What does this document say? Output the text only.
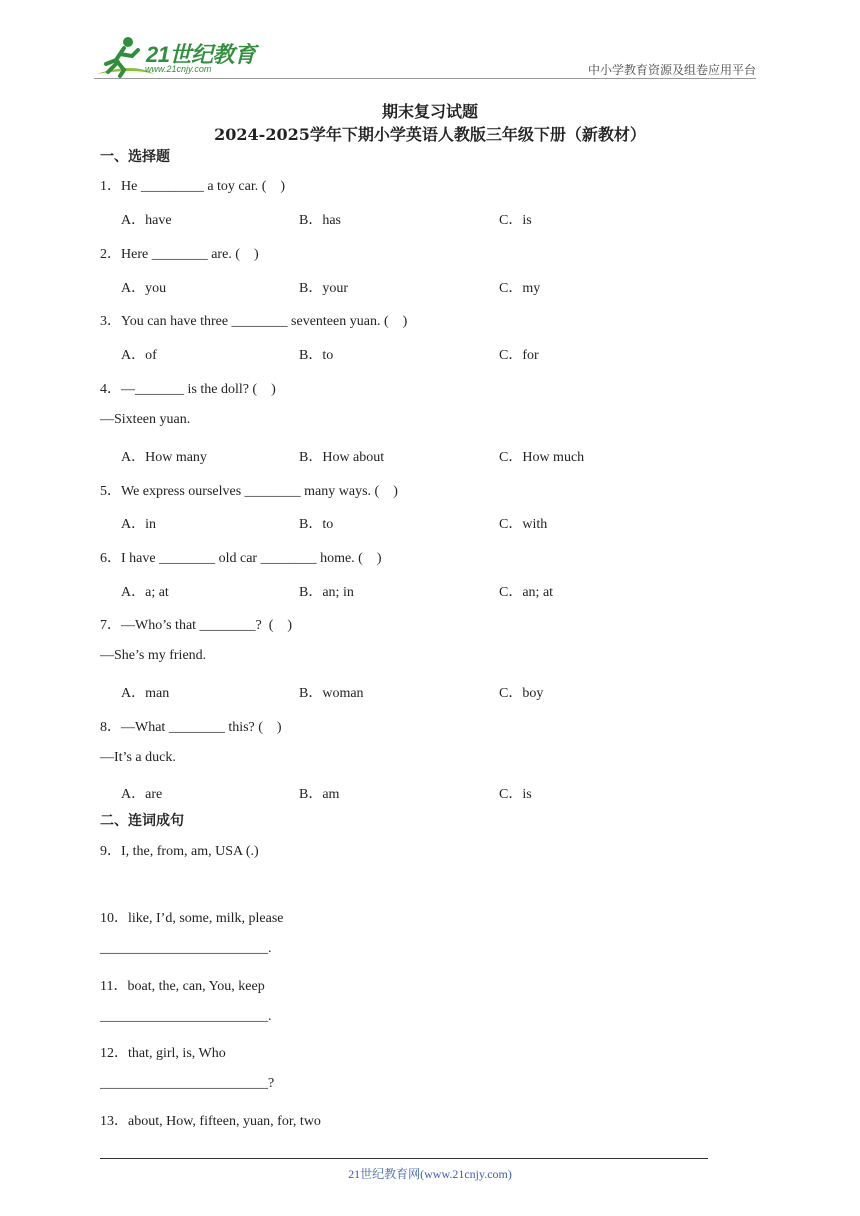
21世纪教育
www.21cnjy.com	中小学教育资源及组卷应用平台
期末复习试题
2024-2025学年下期小学英语人教版三年级下册（新教材）
一、选择题
1．He _________ a toy car. (    )
A．have	B．has	C．is
2．Here ________ are. (    )
A．you	B．your	C．my
3．You can have three ________ seventeen yuan. (    )
A．of	B．to	C．for
4．—_______ is the doll? (    )
—Sixteen yuan.
A．How many	B．How about	C．How much
5．We express ourselves ________ many ways. (    )
A．in	B．to	C．with
6．I have ________ old car ________ home. (    )
A．a; at	B．an; in	C．an; at
7．—Who’s that ________?  (    )
—She’s my friend.
A．man	B．woman	C．boy
8．—What ________ this? (    )
—It’s a duck.
A．are	B．am	C．is
二、连词成句
9．I, the, from, am, USA (.)
10．like, I’d, some, milk, please
________________________.
11．boat, the, can, You, keep
________________________.
12．that, girl, is, Who
________________________?
13．about, How, fifteen, yuan, for, two
21世纪教育网(www.21cnjy.com)
